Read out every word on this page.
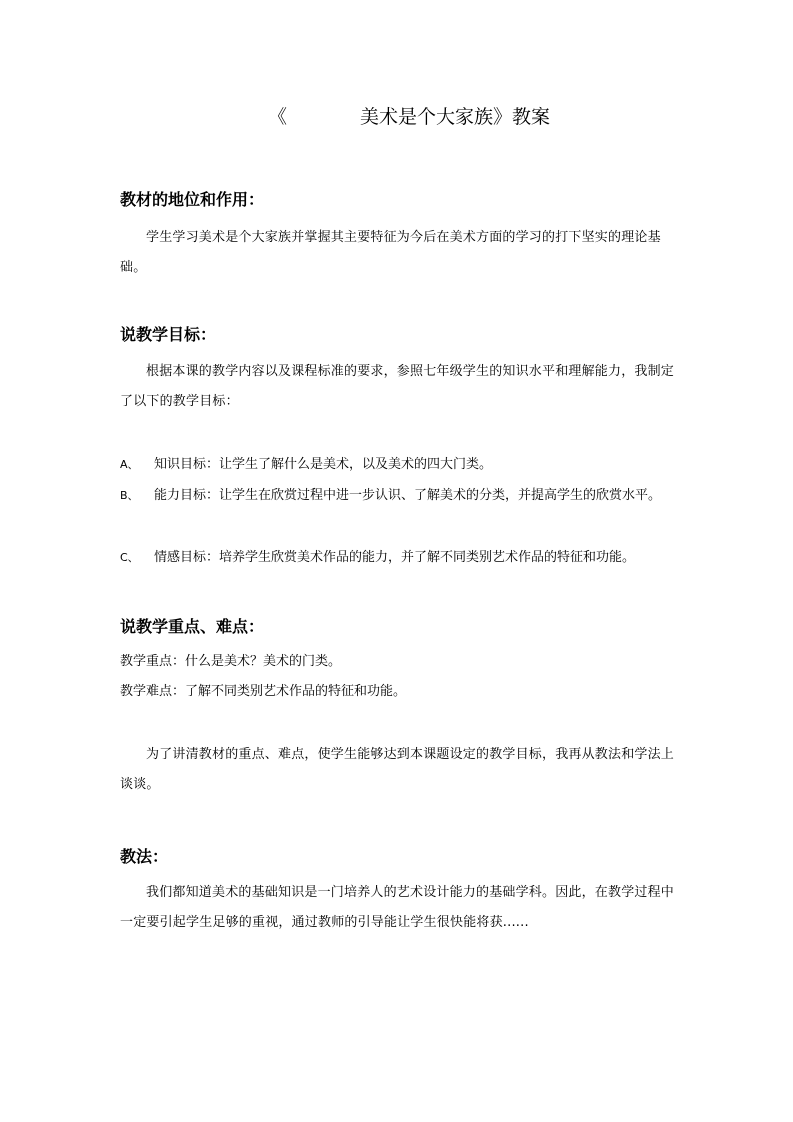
《	美术是个大家族》教案
教材的地位和作用：
学生学习美术是个大家族并掌握其主要特征为今后在美术方面的学习的打下坚实的理论基础。
说教学目标：
根据本课的教学内容以及课程标准的要求，参照七年级学生的知识水平和理解能力，我制定了以下的教学目标：
A、 知识目标：让学生了解什么是美术，以及美术的四大门类。
B、 能力目标：让学生在欣赏过程中进一步认识、了解美术的分类，并提高学生的欣赏水平。
C、 情感目标：培养学生欣赏美术作品的能力，并了解不同类别艺术作品的特征和功能。
说教学重点、难点：
教学重点：什么是美术？美术的门类。
教学难点：了解不同类别艺术作品的特征和功能。
为了讲清教材的重点、难点，使学生能够达到本课题设定的教学目标，我再从教法和学法上谈谈。
教法：
我们都知道美术的基础知识是一门培养人的艺术设计能力的基础学科。因此，在教学过程中一定要引起学生足够的重视，通过教师的引导能让学生很快能将获......
